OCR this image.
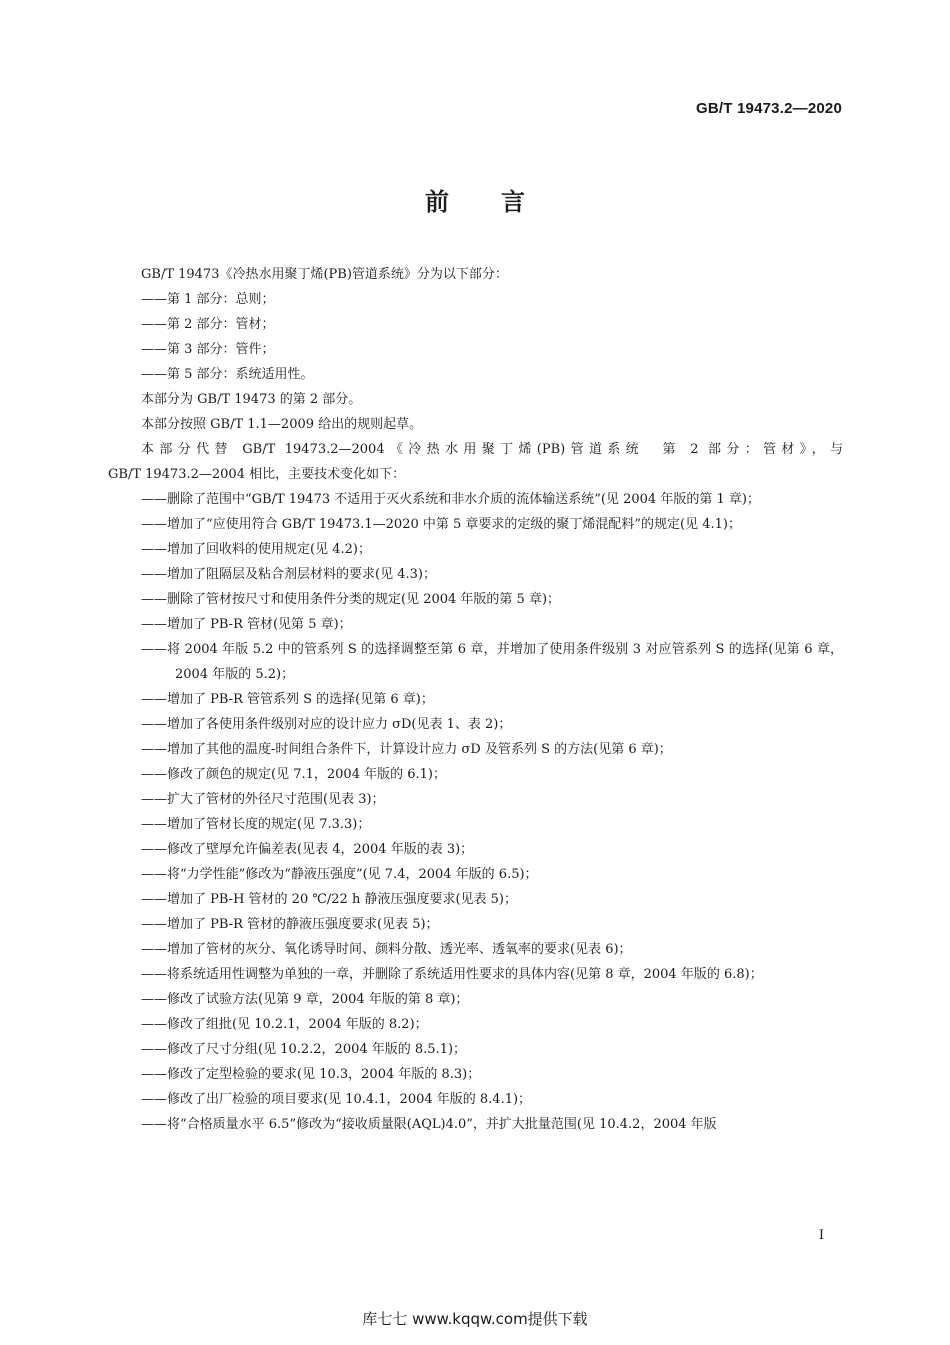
GB/T 19473.2—2020
前言
GB/T 19473《冷热水用聚丁烯(PB)管道系统》分为以下部分：
——第 1 部分：总则；
——第 2 部分：管材；
——第 3 部分：管件；
——第 5 部分：系统适用性。
本部分为 GB/T 19473 的第 2 部分。
本部分按照 GB/T 1.1—2009 给出的规则起草。
本部分代替 GB/T 19473.2—2004《冷热水用聚丁烯(PB)管道系统　第 2 部分：管材》，与
GB/T 19473.2—2004 相比，主要技术变化如下：
——删除了范围中“GB/T 19473 不适用于灭火系统和非水介质的流体输送系统”(见 2004 年版的第 1 章)；
——增加了“应使用符合 GB/T 19473.1—2020 中第 5 章要求的定级的聚丁烯混配料”的规定(见 4.1)；
——增加了回收料的使用规定(见 4.2)；
——增加了阻隔层及粘合剂层材料的要求(见 4.3)；
——删除了管材按尺寸和使用条件分类的规定(见 2004 年版的第 5 章)；
——增加了 PB-R 管材(见第 5 章)；
——将 2004 年版 5.2 中的管系列 S 的选择调整至第 6 章，并增加了使用条件级别 3 对应管系列 S 的选择(见第 6 章，2004 年版的 5.2)；
——增加了 PB-R 管管系列 S 的选择(见第 6 章)；
——增加了各使用条件级别对应的设计应力 σD(见表 1、表 2)；
——增加了其他的温度-时间组合条件下，计算设计应力 σD 及管系列 S 的方法(见第 6 章)；
——修改了颜色的规定(见 7.1，2004 年版的 6.1)；
——扩大了管材的外径尺寸范围(见表 3)；
——增加了管材长度的规定(见 7.3.3)；
——修改了壁厚允许偏差表(见表 4，2004 年版的表 3)；
——将“力学性能”修改为“静液压强度”(见 7.4，2004 年版的 6.5)；
——增加了 PB-H 管材的 20 ℃/22 h 静液压强度要求(见表 5)；
——增加了 PB-R 管材的静液压强度要求(见表 5)；
——增加了管材的灰分、氧化诱导时间、颜料分散、透光率、透氧率的要求(见表 6)；
——将系统适用性调整为单独的一章，并删除了系统适用性要求的具体内容(见第 8 章，2004 年版的 6.8)；
——修改了试验方法(见第 9 章，2004 年版的第 8 章)；
——修改了组批(见 10.2.1，2004 年版的 8.2)；
——修改了尺寸分组(见 10.2.2，2004 年版的 8.5.1)；
——修改了定型检验的要求(见 10.3，2004 年版的 8.3)；
——修改了出厂检验的项目要求(见 10.4.1，2004 年版的 8.4.1)；
——将“合格质量水平 6.5”修改为“接收质量限(AQL)4.0”，并扩大批量范围(见 10.4.2，2004 年版
I
库七七 www.kqqw.com提供下载
